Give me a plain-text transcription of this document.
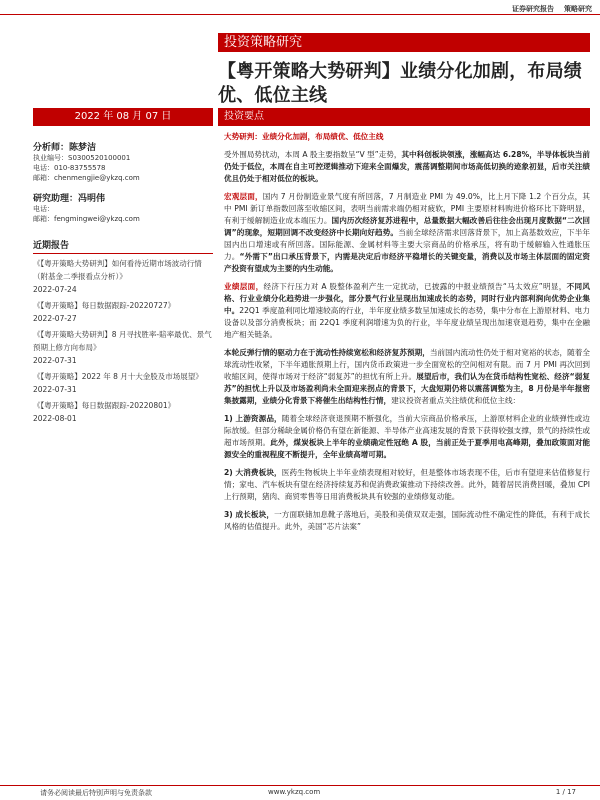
证券研究报告 策略研究
投资策略研究
【粤开策略大势研判】业绩分化加剧，布局绩优、低位主线
2022 年 08 月 07 日	投资要点
分析师：陈梦洁
执业编号：S0300520100001
电话：010-83755578
邮箱：chenmengjie@ykzq.com
研究助理：冯明伟
电话：
邮箱：fengmingwei@ykzq.com
近期报告
《【粤开策略大势研判】如何看待近期市场波动行情（附基金二季报看点分析）》
2022-07-24
《【粤开策略】每日数据跟踪-20220727》
2022-07-27
《【粤开策略大势研判】8 月寻找胜率-賠率最优、景气预期上修方向布局》
2022-07-31
《【粤开策略】2022 年 8 月十大金股及市场展望》
2022-07-31
《【粤开策略】每日数据跟踪-20220801》
2022-08-01
大势研判：业绩分化加剧，布局绩优、低位主线

受外围局势扰动，本周 A 股主要指数呈“V 型”走势，其中科创板块领涨，涨幅高达 6.28%，半导体板块当前仍处于低位，本周在自主可控逻辑推动下迎来全面爆发，震荡调整期间市场高低切换的迹象初显，后市关注绩优且仍处于相对低位的板块。

宏观层面，国内 7 月份制造业景气度有所回落，7 月制造业 PMI 为 49.0%，比上月下降 1.2 个百分点，其中 PMI 新订单指数回落至收缩区间，表明当前需求端仍相对疲软，PMI 主要原材料购进价格环比下降明显，有利于缓解制造业成本端压力。国内历次经济复苏进程中，总量数据大幅改善后往往会出现月度数据“二次回调”的现象，短期回调不改变经济中长期向好趋势。当前全球经济需求回落背景下，加上高基数效应，下半年国内出口增速或有所回落。国际能源、金属材料等主要大宗商品的价格承压，将有助于缓解输入性通胀压力。“外需下”出口承压背景下，内需是决定后市经济平稳增长的关键变量，消费以及市场主体层面的固定资产投资有望成为主要的内生动能。

业绩层面，经济下行压力对 A 股整体盈利产生一定扰动，已披露的中报业绩预告“马太效应”明显，不同风格、行业业绩分化趋势进一步强化，部分景气行业呈现出加速成长的态势，同时行业内部利润向优势企业集中。22Q1 季度盈利同比增速较高的行业，半年度业绩多数呈加速成长的态势，集中分布在上游原材料、电力设备以及部分消费板块；而 22Q1 季度利润增速为负的行业，半年度业绩呈现出加速衰退趋势，集中在金融地产相关链条。

本轮反弹行情的驱动力在于流动性持续宽松和经济复苏预期，当前国内流动性仍处于相对宽裕的状态，随着全球流动性收紧，下半年通胀预期上行，国内货币政策进一步全面宽松的空间相对有限。而 7 月 PMI 再次回到收缩区间，使得市场对于经济“弱复苏”的担忧有所上升。展望后市，我们认为在货币结构性宽松、经济“弱复苏”的担忧上升以及市场盈利尚未全面迎来拐点的背景下，大盘短期仍将以震荡调整为主，8 月份是半年报密集披露期，业绩分化背景下将催生出结构性行情，建议投资者重点关注绩优和低位主线：

1) 上游资源品，随着全球经济衰退预期不断强化，当前大宗商品价格承压，上游原材料企业的业绩弹性或边际放缓。但部分稀缺金属价格仍有望在新能源、半导体产业高速发展的背景下获得较强支撑，景气的持续性或超市场预期。此外，煤炭板块上半年的业绩确定性冠绝 A 股，当前正处于夏季用电高峰期，叠加政策面对能源安全的重视程度不断提升，全年业绩高增可期。

2) 大消费板块，医药生物板块上半年业绩表现相对较好，但是整体市场表现不佳，后市有望迎来估值修复行情；家电、汽车板块有望在经济持续复苏和促消费政策推动下持续改善。此外，随着居民消费回暖，叠加 CPI 上行预期，猪肉、商贸零售等日用消费板块具有较强的业绩修复动能。

3) 成长板块，一方面联储加息靴子落地后，美股和美债双双走强，国际流动性不确定性的降低，有利于成长风格的估值提升。此外，美国“芯片法案”

请务必阅读最后特别声明与免责条款	www.ykzq.com	1 / 17
